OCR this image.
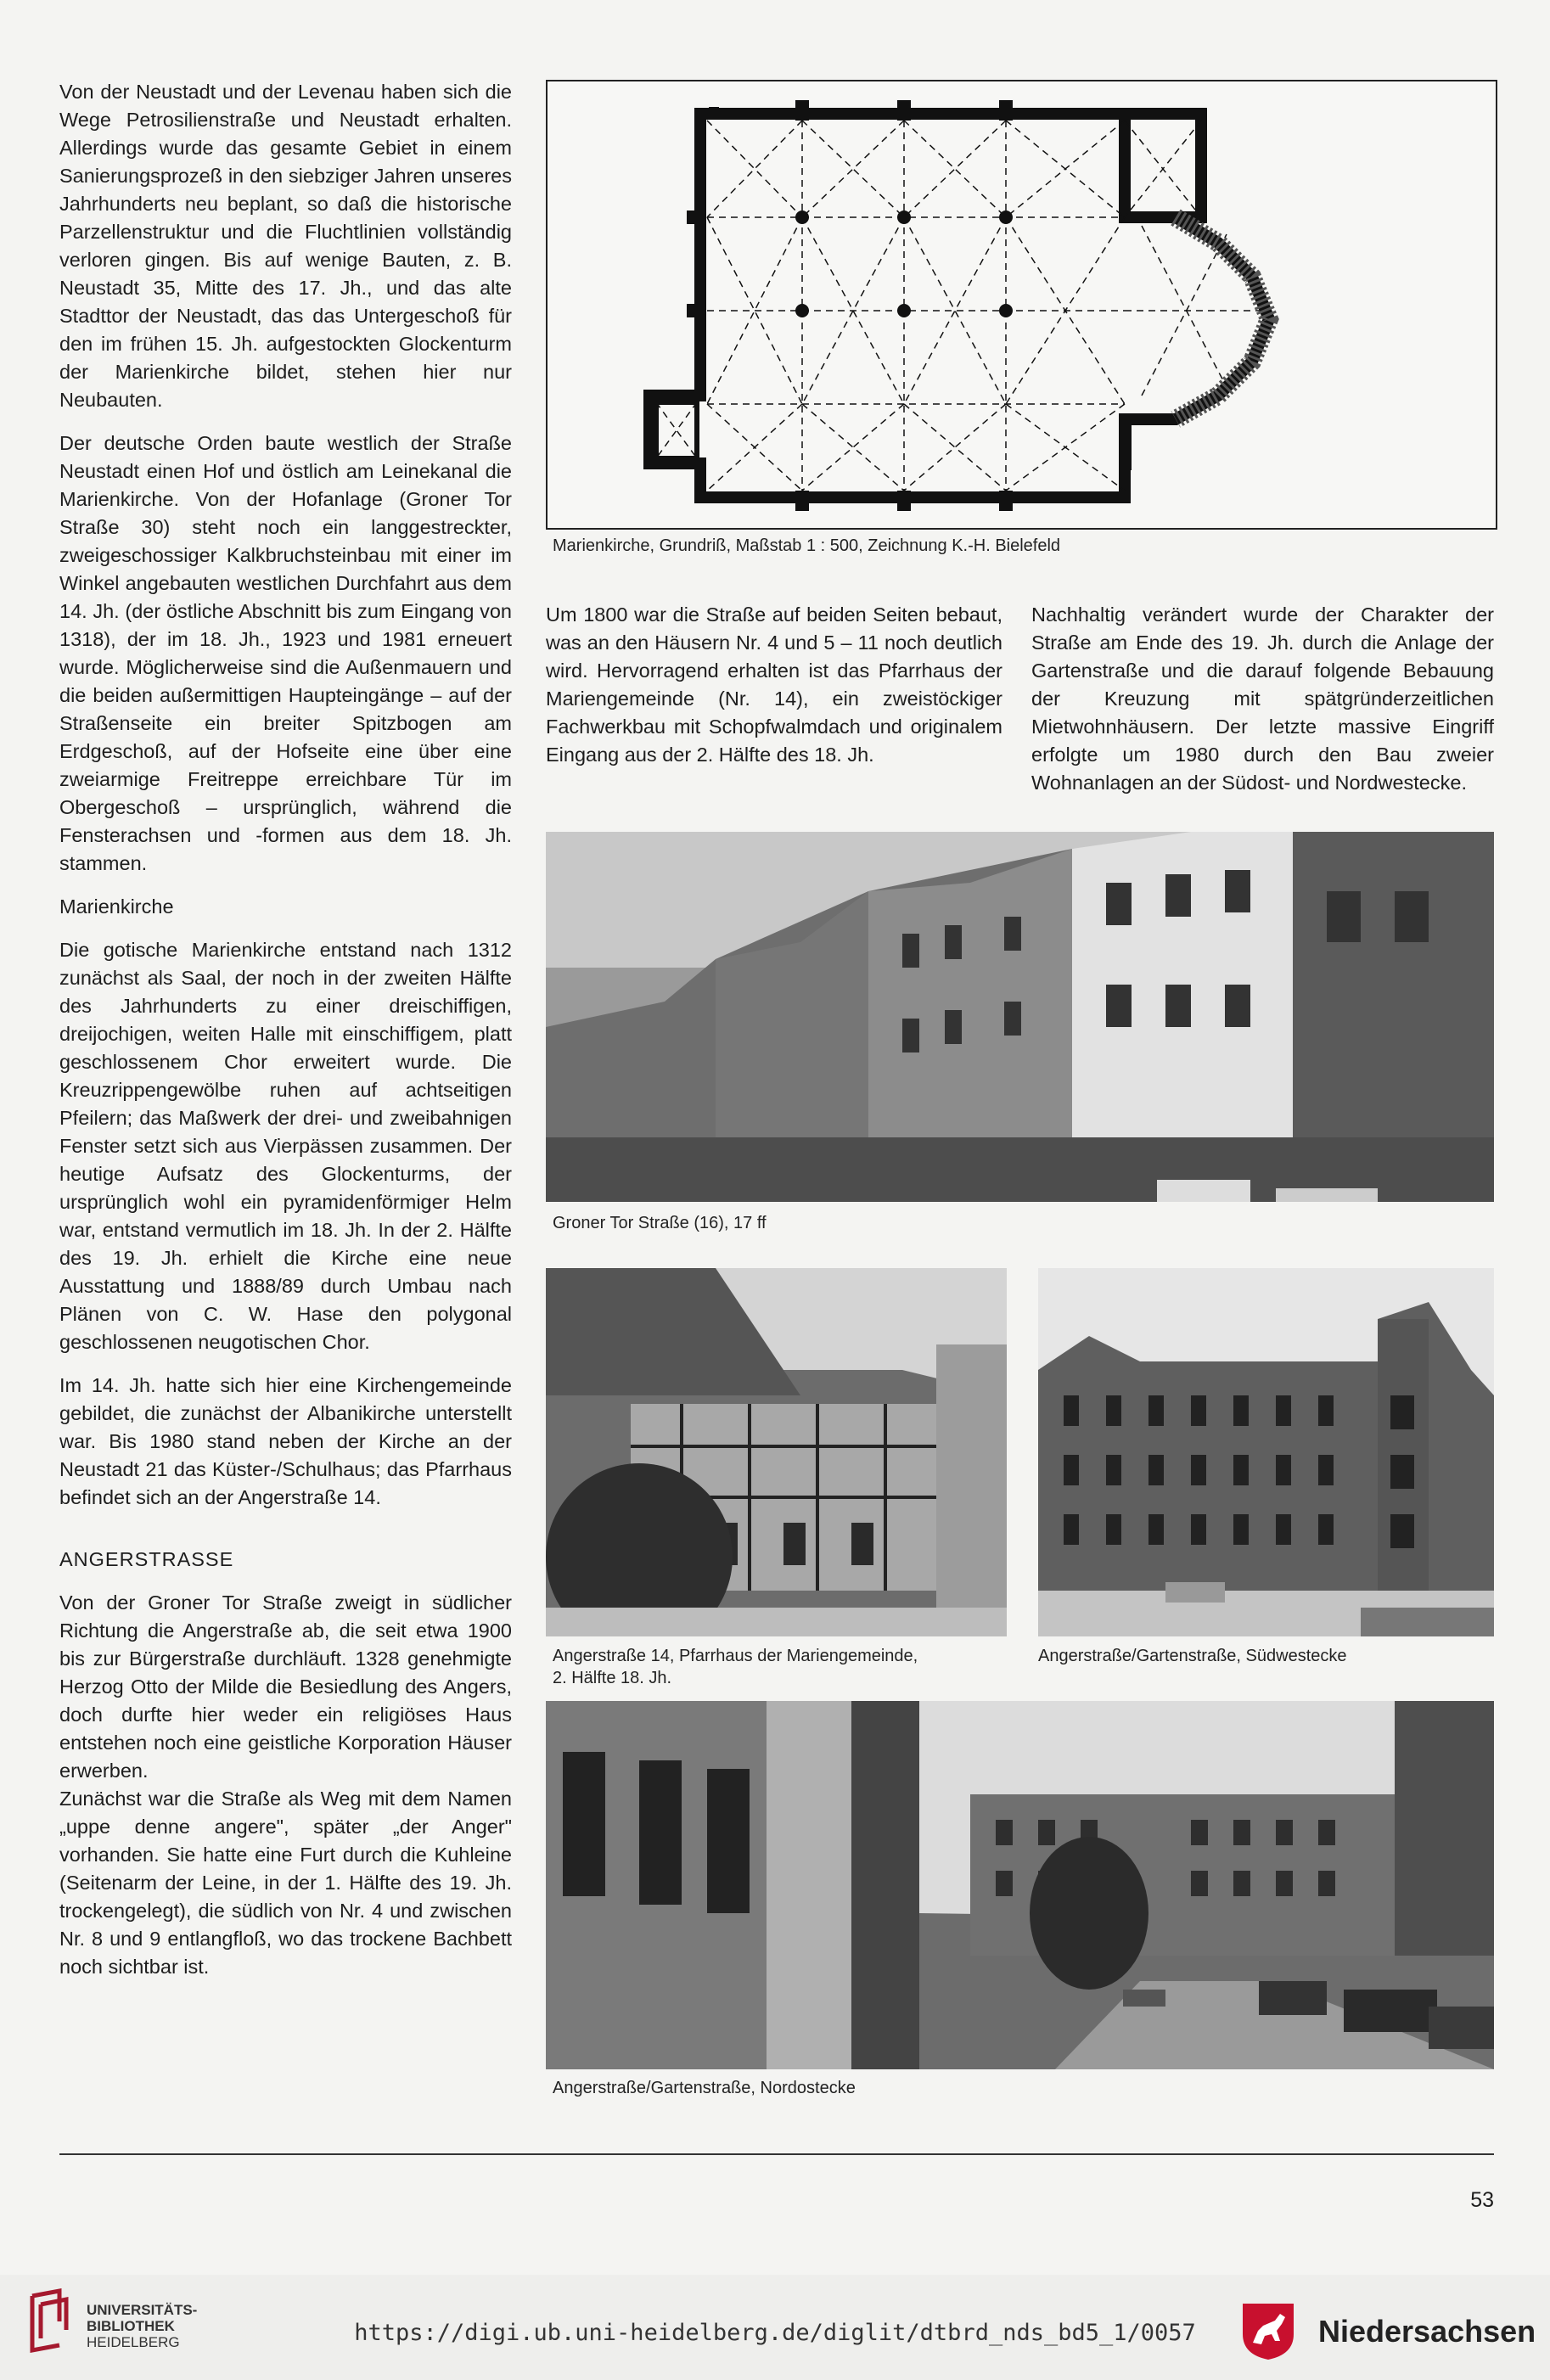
Von der Neustadt und der Levenau haben sich die Wege Petrosilienstraße und Neustadt erhalten. Allerdings wurde das gesamte Gebiet in einem Sanierungsprozeß in den siebziger Jahren unseres Jahrhunderts neu beplant, so daß die historische Parzellenstruktur und die Fluchtlinien vollständig verloren gingen. Bis auf wenige Bauten, z. B. Neustadt 35, Mitte des 17. Jh., und das alte Stadttor der Neustadt, das das Untergeschoß für den im frühen 15. Jh. aufgestockten Glockenturm der Marienkirche bildet, stehen hier nur Neubauten.

Der deutsche Orden baute westlich der Straße Neustadt einen Hof und östlich am Leinekanal die Marienkirche. Von der Hofanlage (Groner Tor Straße 30) steht noch ein langgestreckter, zweigeschossiger Kalkbruchsteinbau mit einer im Winkel angebauten westlichen Durchfahrt aus dem 14. Jh. (der östliche Abschnitt bis zum Eingang von 1318), der im 18. Jh., 1923 und 1981 erneuert wurde. Möglicherweise sind die Außenmauern und die beiden außermittigen Haupteingänge – auf der Straßenseite ein breiter Spitzbogen am Erdgeschoß, auf der Hofseite eine über eine zweiarmige Freitreppe erreichbare Tür im Obergeschoß – ursprünglich, während die Fensterachsen und -formen aus dem 18. Jh. stammen.

Marienkirche

Die gotische Marienkirche entstand nach 1312 zunächst als Saal, der noch in der zweiten Hälfte des Jahrhunderts zu einer dreischiffigen, dreijochigen, weiten Halle mit einschiffigem, platt geschlossenem Chor erweitert wurde. Die Kreuzrippengewölbe ruhen auf achtseitigen Pfeilern; das Maßwerk der drei- und zweibahnigen Fenster setzt sich aus Vierpässen zusammen. Der heutige Aufsatz des Glockenturms, der ursprünglich wohl ein pyramidenförmiger Helm war, entstand vermutlich im 18. Jh. In der 2. Hälfte des 19. Jh. erhielt die Kirche eine neue Ausstattung und 1888/89 durch Umbau nach Plänen von C. W. Hase den polygonal geschlossenen neugotischen Chor.

Im 14. Jh. hatte sich hier eine Kirchengemeinde gebildet, die zunächst der Albanikirche unterstellt war. Bis 1980 stand neben der Kirche an der Neustadt 21 das Küster-/Schulhaus; das Pfarrhaus befindet sich an der Angerstraße 14.

ANGERSTRASSE

Von der Groner Tor Straße zweigt in südlicher Richtung die Angerstraße ab, die seit etwa 1900 bis zur Bürgerstraße durchläuft. 1328 genehmigte Herzog Otto der Milde die Besiedlung des Angers, doch durfte hier weder ein religiöses Haus entstehen noch eine geistliche Korporation Häuser erwerben.

Zunächst war die Straße als Weg mit dem Namen „uppe denne angere", später „der Anger" vorhanden. Sie hatte eine Furt durch die Kuhleine (Seitenarm der Leine, in der 1. Hälfte des 19. Jh. trockengelegt), die südlich von Nr. 4 und zwischen Nr. 8 und 9 entlangfloß, wo das trockene Bachbett noch sichtbar ist.

Marienkirche, Grundriß, Maßstab 1 : 500, Zeichnung K.-H. Bielefeld

Um 1800 war die Straße auf beiden Seiten bebaut, was an den Häusern Nr. 4 und 5 – 11 noch deutlich wird. Hervorragend erhalten ist das Pfarrhaus der Mariengemeinde (Nr. 14), ein zweistöckiger Fachwerkbau mit Schopfwalmdach und originalem Eingang aus der 2. Hälfte des 18. Jh.

Nachhaltig verändert wurde der Charakter der Straße am Ende des 19. Jh. durch die Anlage der Gartenstraße und die darauf folgende Bebauung der Kreuzung mit spätgründerzeitlichen Mietwohnhäusern. Der letzte massive Eingriff erfolgte um 1980 durch den Bau zweier Wohnanlagen an der Südost- und Nordwestecke.

Groner Tor Straße (16), 17 ff
Angerstraße 14, Pfarrhaus der Mariengemeinde,
2. Hälfte 18. Jh.
Angerstraße/Gartenstraße, Südwestecke
Angerstraße/Gartenstraße, Nordostecke
53
UNIVERSITÄTS-
BIBLIOTHEK
HEIDELBERG	https://digi.ub.uni-heidelberg.de/diglit/dtbrd_nds_bd5_1/0057	Niedersachsen
